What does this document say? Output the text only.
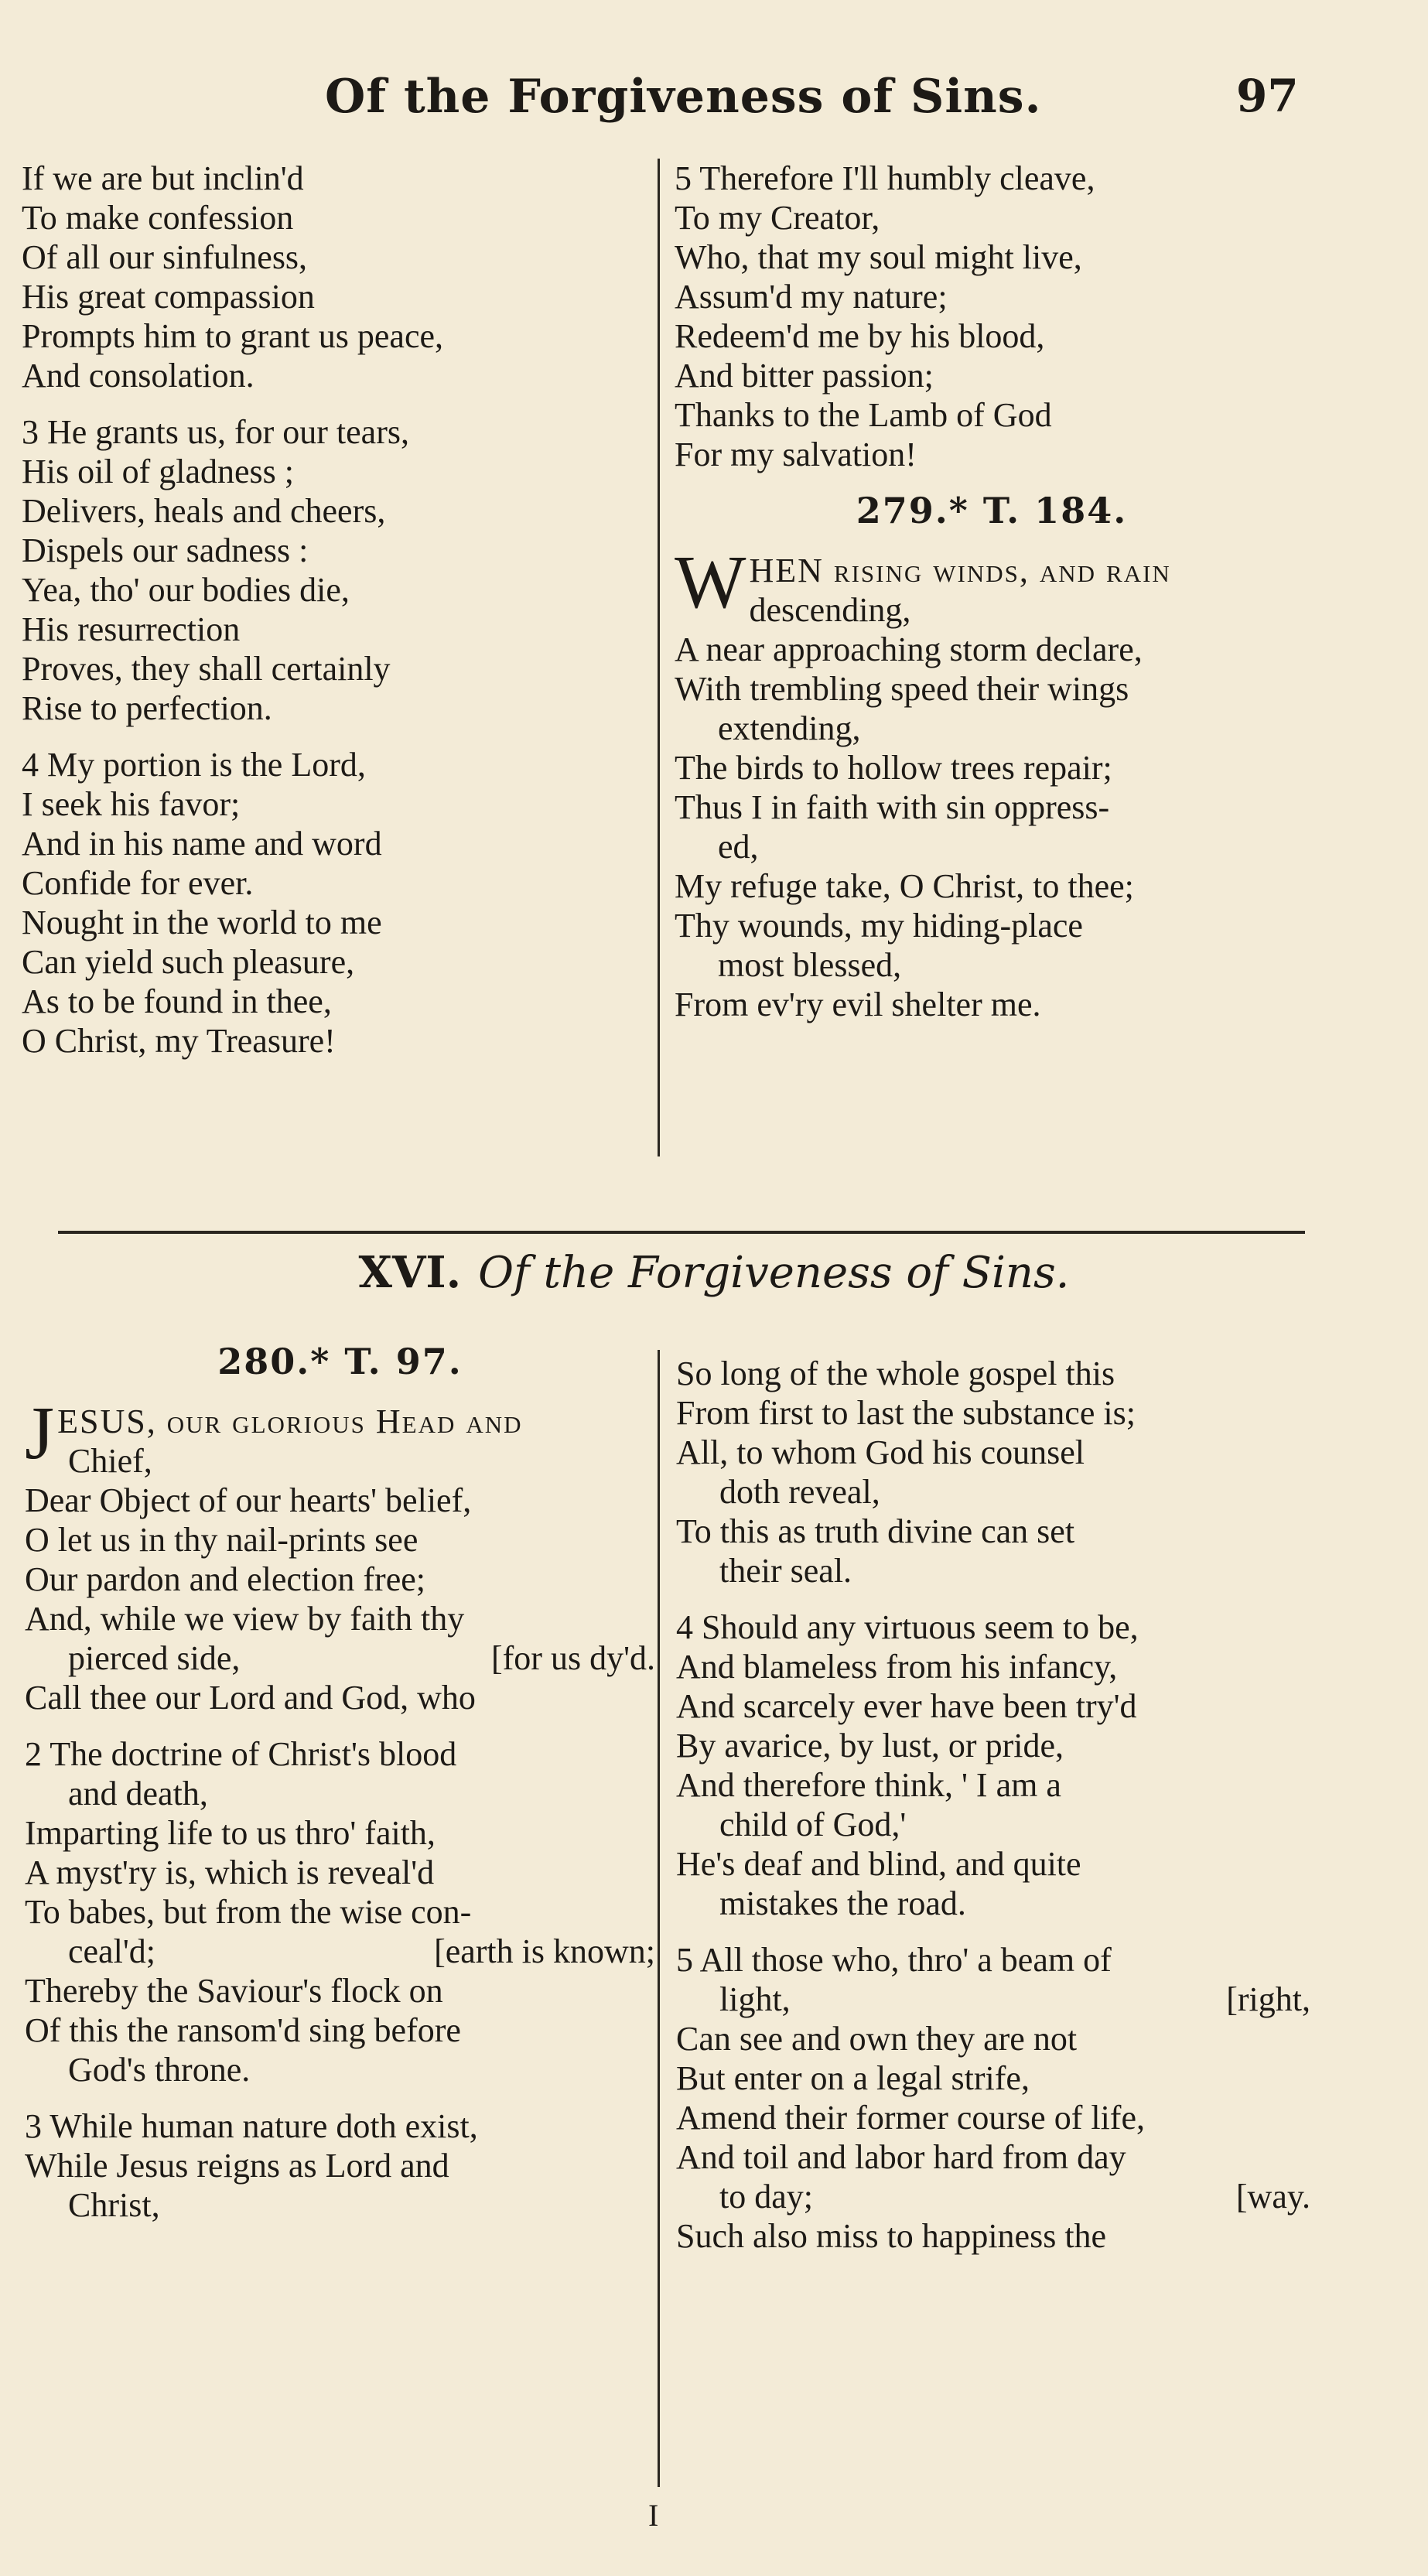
Of the Forgiveness of Sins.	97
If we are but inclin'd
To make confession
Of all our sinfulness,
His great compassion
Prompts him to grant us peace,
And consolation.
3 He grants us, for our tears,
His oil of gladness ;
Delivers, heals and cheers,
Dispels our sadness :
Yea, tho' our bodies die,
His resurrection
Proves, they shall certainly
Rise to perfection.
4 My portion is the Lord,
I seek his favor;
And in his name and word
Confide for ever.
Nought in the world to me
Can yield such pleasure,
As to be found in thee,
O Christ, my Treasure!
5 Therefore I'll humbly cleave,
To my Creator,
Who, that my soul might live,
Assum'd my nature;
Redeem'd me by his blood,
And bitter passion;
Thanks to the Lamb of God
For my salvation!
279.* T. 184.
W HEN rising winds, and rain
descending,
A near approaching storm declare,
With trembling speed their wings
extending,
The birds to hollow trees repair;
Thus I in faith with sin oppress-
ed,
My refuge take, O Christ, to thee;
Thy wounds, my hiding-place
most blessed,
From ev'ry evil shelter me.
XVI. Of the Forgiveness of Sins.
280.* T. 97.
J ESUS, our glorious Head and
Chief,
Dear Object of our hearts' belief,
O let us in thy nail-prints see
Our pardon and election free;
And, while we view by faith thy
pierced side,	[for us dy'd.
Call thee our Lord and God, who
2 The doctrine of Christ's blood
and death,
Imparting life to us thro' faith,
A myst'ry is, which is reveal'd
To babes, but from the wise con-
ceal'd;	[earth is known;
Thereby the Saviour's flock on
Of this the ransom'd sing before
God's throne.
3 While human nature doth exist,
While Jesus reigns as Lord and
Christ,
So long of the whole gospel this
From first to last the substance is;
All, to whom God his counsel
doth reveal,
To this as truth divine can set
their seal.
4 Should any virtuous seem to be,
And blameless from his infancy,
And scarcely ever have been try'd
By avarice, by lust, or pride,
And therefore think, ' I am a
child of God,'
He's deaf and blind, and quite
mistakes the road.
5 All those who, thro' a beam of
light,	[right,
Can see and own they are not
But enter on a legal strife,
Amend their former course of life,
And toil and labor hard from day
to day;	[way.
Such also miss to happiness the
I
